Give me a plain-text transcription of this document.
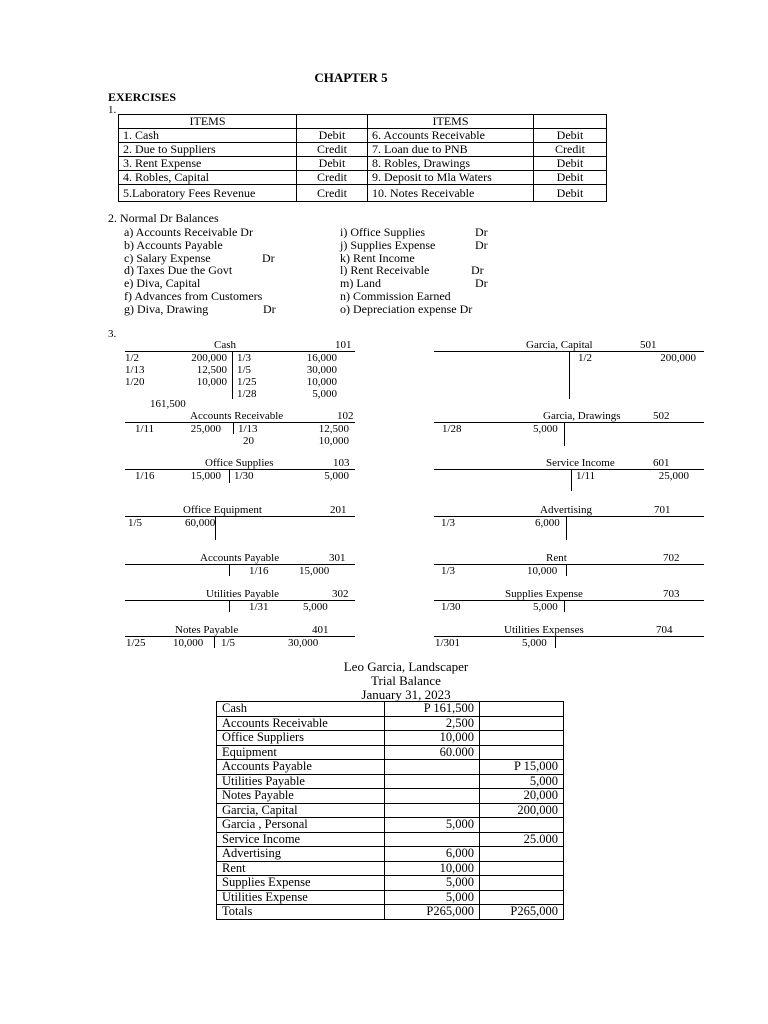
CHAPTER 5
EXERCISES
1.
ITEMS		ITEMS	
1. Cash	Debit	6. Accounts Receivable	Debit
2. Due to Suppliers	Credit	7. Loan due to PNB	Credit
3. Rent Expense	Debit	8. Robles, Drawings	Debit
4. Robles, Capital	Credit	9. Deposit to Mla Waters	Debit
5.Laboratory Fees Revenue	Credit	10. Notes Receivable	Debit
2. Normal Dr Balances
a) Accounts Receivable Dr
b) Accounts Payable
c) Salary Expense	Dr
d) Taxes Due the Govt
e) Diva, Capital
f) Advances from Customers
g) Diva, Drawing	Dr
i) Office Supplies	Dr
j) Supplies Expense	Dr
k) Rent Income
l) Rent Receivable	Dr
m) Land	Dr
n) Commission Earned
o) Depreciation expense Dr
3.
Cash	101
1/2	200,000
1/13	12,500
1/20	10,000
1/3	16,000
1/5	30,000
1/25	10,000
1/28	5,000
161,500
Accounts Receivable	102
1/11	25,000 1/13	12,500
20	10,000
Office Supplies	103
1/16	15,000 1/30	5,000
Office Equipment	201
1/5	60,000
Accounts Payable	301
1/16	15,000
Utilities Payable	302
1/31	5,000
Notes Payable	401
1/25 10,000 1/5	30,000
Garcia, Capital	501
1/2	200,000
Garcia, Drawings	502
1/28	5,000
Service Income	601
1/11	25,000
Advertising	701
1/3	6,000
Rent	702
1/3	10,000
Supplies Expense	703
1/30	5,000
Utilities Expenses	704
1/301	5,000
Leo Garcia, Landscaper
Trial Balance
January 31, 2023
Cash	P 161,500	
Accounts Receivable	2,500	
Office Suppliers	10,000	
Equipment	60.000	
Accounts Payable		P 15,000
Utilities Payable		5,000
Notes Payable		20,000
Garcia, Capital		200,000
Garcia , Personal	5,000	
Service Income		25.000
Advertising	6,000	
Rent	10,000	
Supplies Expense	5,000	
Utilities Expense	5,000	
Totals	P265,000	P265,000
